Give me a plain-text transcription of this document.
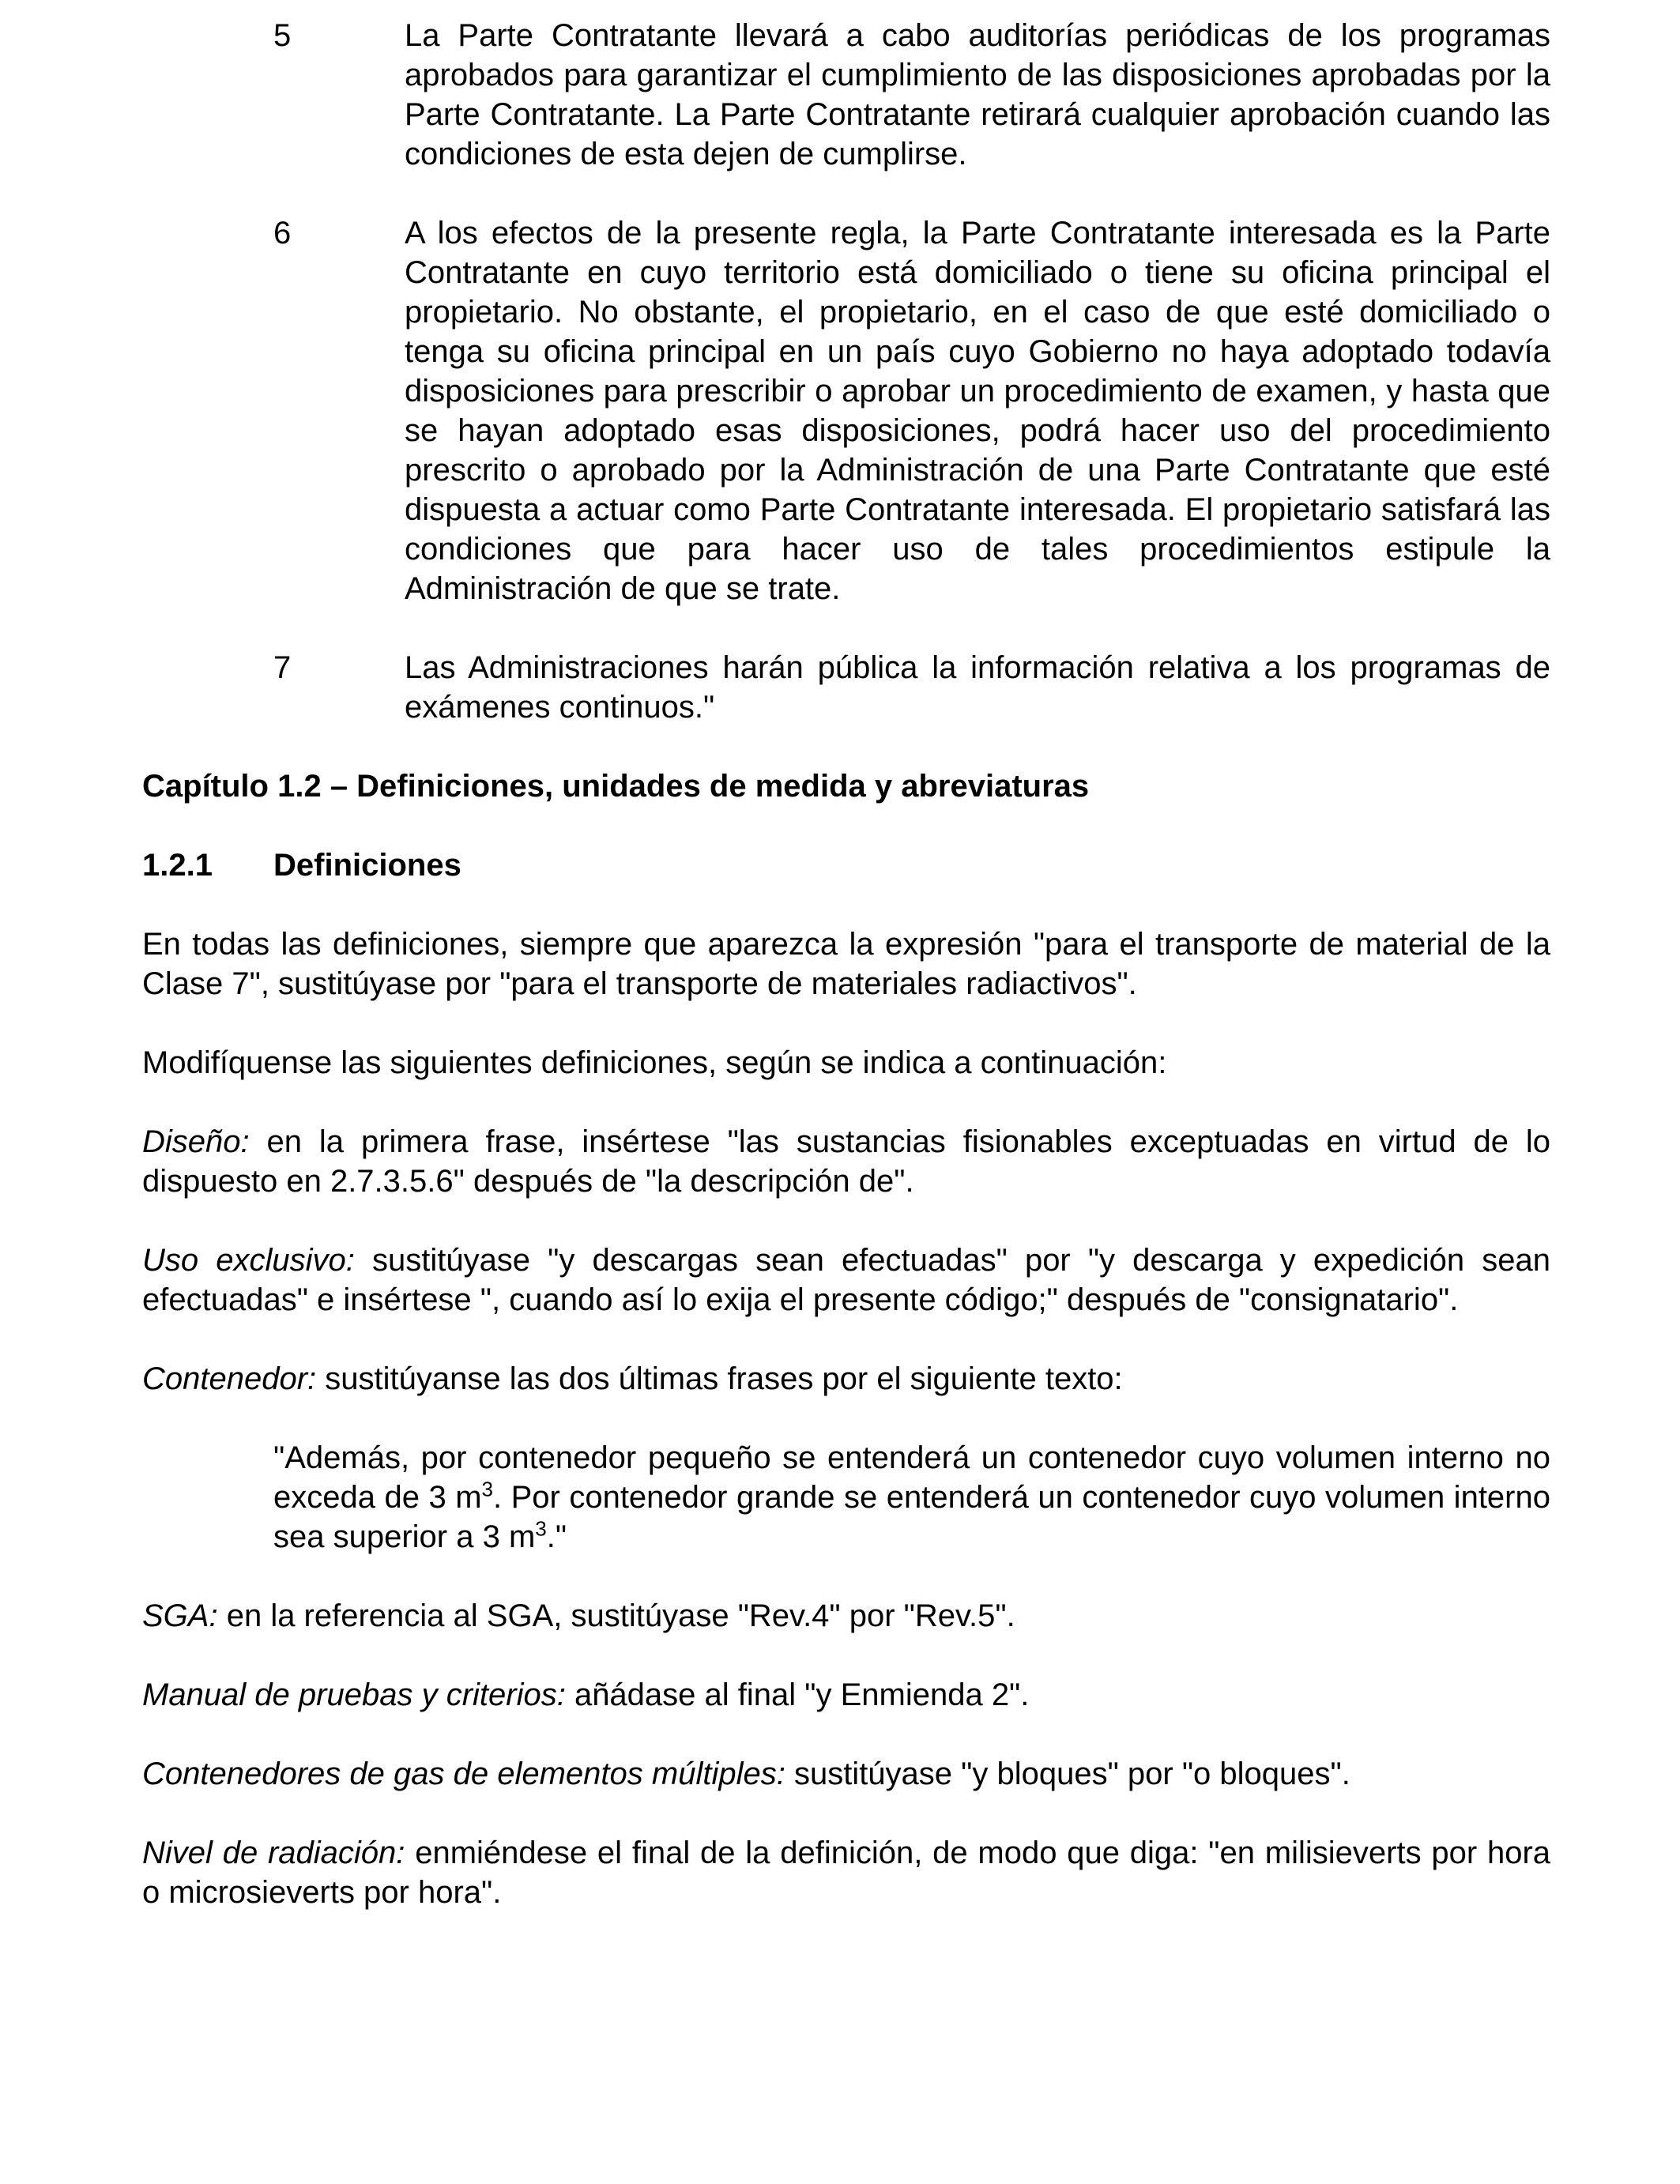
5	La Parte Contratante llevará a cabo auditorías periódicas de los programas aprobados para garantizar el cumplimiento de las disposiciones aprobadas por la Parte Contratante. La Parte Contratante retirará cualquier aprobación cuando las condiciones de esta dejen de cumplirse.
6	A los efectos de la presente regla, la Parte Contratante interesada es la Parte Contratante en cuyo territorio está domiciliado o tiene su oficina principal el propietario. No obstante, el propietario, en el caso de que esté domiciliado o tenga su oficina principal en un país cuyo Gobierno no haya adoptado todavía disposiciones para prescribir o aprobar un procedimiento de examen, y hasta que se hayan adoptado esas disposiciones, podrá hacer uso del procedimiento prescrito o aprobado por la Administración de una Parte Contratante que esté dispuesta a actuar como Parte Contratante interesada. El propietario satisfará las condiciones que para hacer uso de tales procedimientos estipule la Administración de que se trate.
7	Las Administraciones harán pública la información relativa a los programas de exámenes continuos."
Capítulo 1.2 – Definiciones, unidades de medida y abreviaturas
1.2.1	Definiciones
En todas las definiciones, siempre que aparezca la expresión "para el transporte de material de la Clase 7", sustitúyase por "para el transporte de materiales radiactivos".
Modifíquense las siguientes definiciones, según se indica a continuación:
Diseño: en la primera frase, insértese "las sustancias fisionables exceptuadas en virtud de lo dispuesto en 2.7.3.5.6" después de "la descripción de".
Uso exclusivo: sustitúyase "y descargas sean efectuadas" por "y descarga y expedición sean efectuadas" e insértese ", cuando así lo exija el presente código;" después de "consignatario".
Contenedor: sustitúyanse las dos últimas frases por el siguiente texto:
"Además, por contenedor pequeño se entenderá un contenedor cuyo volumen interno no exceda de 3 $m^3$. Por contenedor grande se entenderá un contenedor cuyo volumen interno sea superior a 3 $m^3$."
SGA: en la referencia al SGA, sustitúyase "Rev.4" por "Rev.5".
Manual de pruebas y criterios: añádase al final "y Enmienda 2".
Contenedores de gas de elementos múltiples: sustitúyase "y bloques" por "o bloques".
Nivel de radiación: enmiéndese el final de la definición, de modo que diga: "en milisieverts por hora o microsieverts por hora".
